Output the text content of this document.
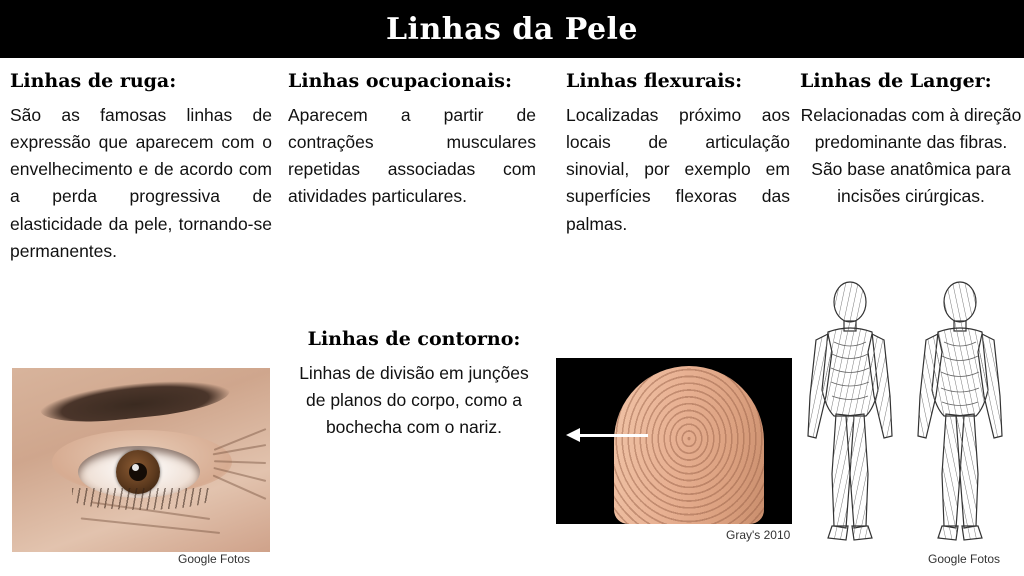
Linhas da Pele
Linhas de ruga:

São as famosas linhas de expressão que aparecem com o envelhecimento e de acordo com a perda progressiva de elasticidade da pele, tornando-se permanentes.

Linhas ocupacionais:

Aparecem a partir de contrações musculares repetidas associadas com atividades particulares.

Linhas de contorno:

Linhas de divisão em junções de planos do corpo, como a bochecha com o nariz.

Linhas flexurais:

Localizadas próximo aos locais de articulação sinovial, por exemplo em superfícies flexoras das palmas.

Linhas de Langer:

Relacionadas com à direção predominante das fibras. São base anatômica para incisões cirúrgicas.

Google Fotos
Gray's 2010
Google Fotos
